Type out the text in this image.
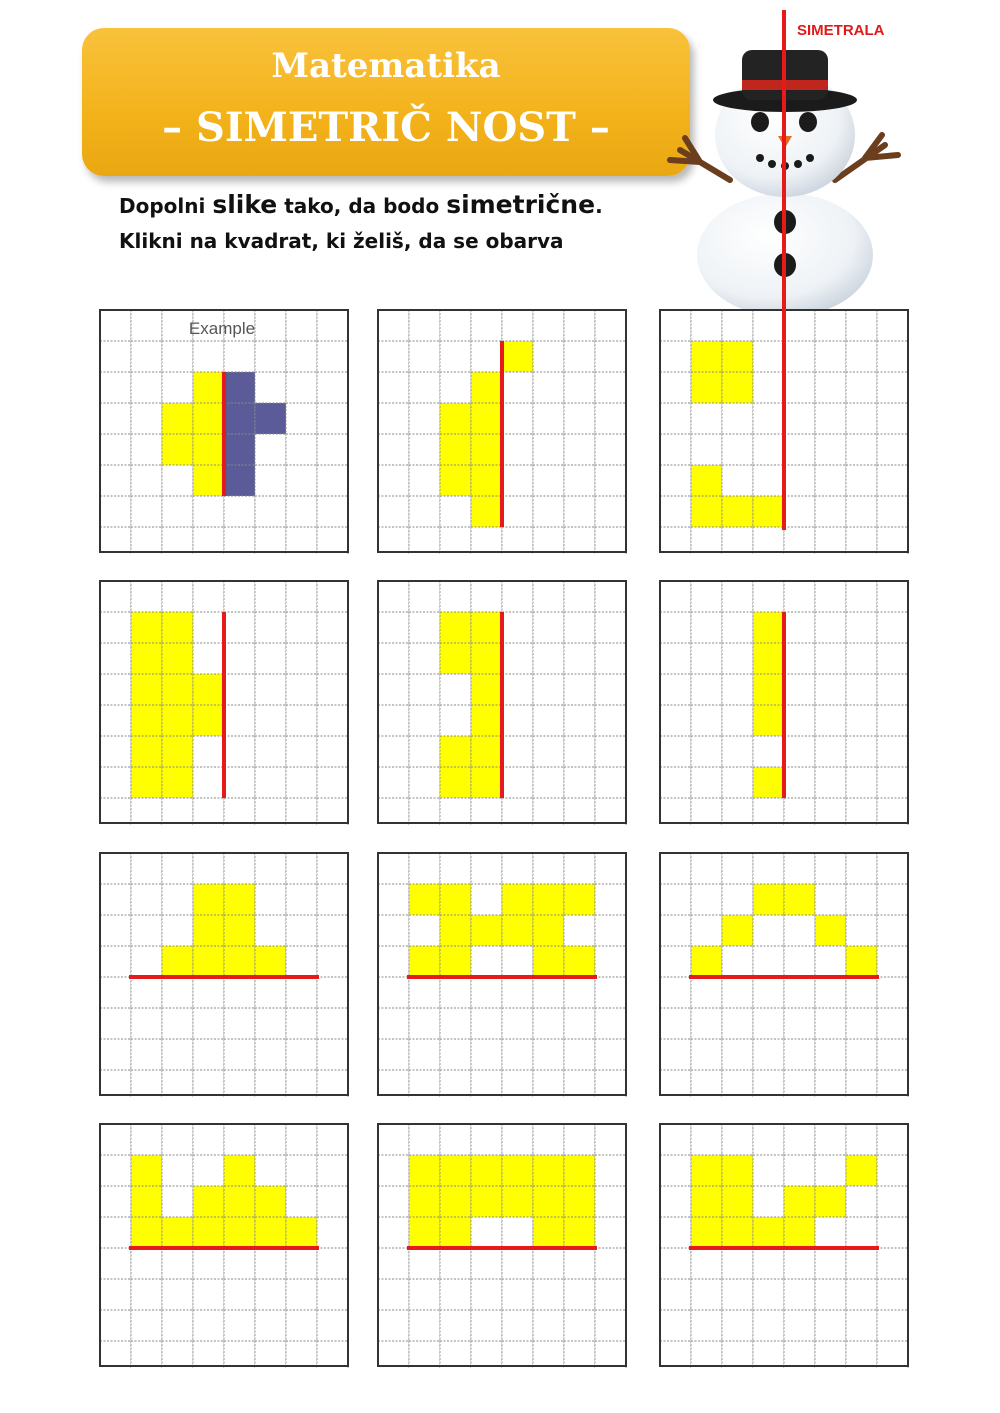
Matematika
– SIMETRIČ NOST –
Dopolni slike tako, da bodo simetrične.
Klikni na kvadrat, ki želiš, da se obarva
SIMETRALA
Example
